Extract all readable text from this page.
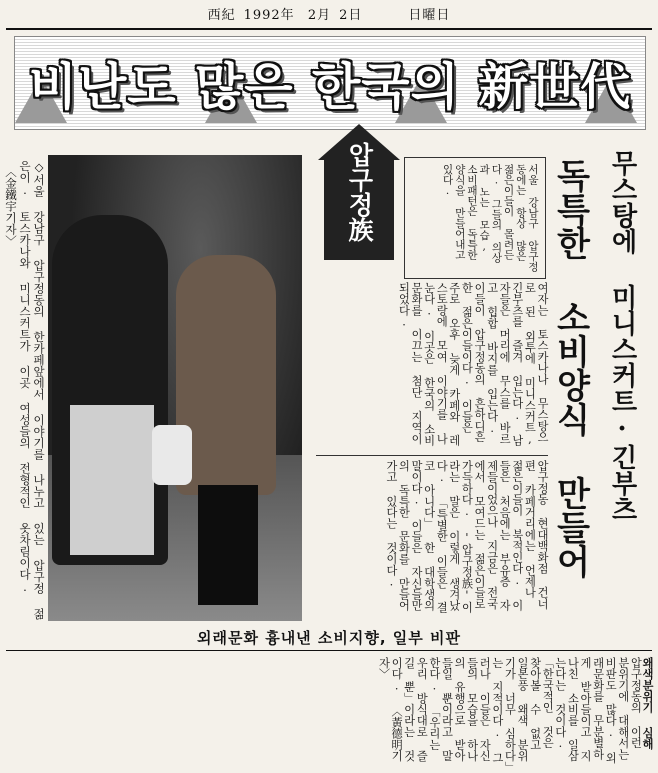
西紀 1992年 2月 2日	日曜日
비난도 많은 한국의 新世代
◇서울 강남구 압구정동의 한카페앞에서 이야기를 나누고 있는 압구정 젊은이. 토스카나와 미니스커트가 이곳 여성들의 전형적인 옷차림이다.〈金鐵宇기자〉	압구정族	서울 강남구 압구정동에는 항상 많은 젊은이들이 몰려든다. 그들의 의상과 노는 모습, 소비패턴은 독특한 양식을 만들어내고 있다.	무스탕에 미니스커트·긴부츠
독특한 소비양식 만들어
여자는 토스카나나 무스탕으로 된 외투에 미니스커트, 긴부츠를 즐겨 입는다. 남자들은 머리에 무스를 바르고 힙합 바지를 입는다. 이들이 압구정동의 흔하디흔한 젊은이들이다. 이들은 주로 오후 늦게 카페와 레스토랑에 모여 이야기를 나눈다. 이곳은 한국의 소비문화를 이끄는 첨단 지역이 되었다.
압구정동 현대백화점 건너편 카페거리에는 언제나 젊은이들이 북적인다. 이들은 처음에는 부유층 자제들이었으나 지금은 전국에서 모여드는 젊은이들로 가득하다. '압구정族'이라는 말은 이렇게 생겨났다. 「특별한 이들은 결코 아니다」 한 대학생의 말이다. 이들은 자신들만의 독특한 문화를 만들어가고 있다는 것이다.
외래문화 흉내낸 소비지향, 일부 비판
왜색분위기 심해 압구정동의 이런 분위기에 대해서는 비판도 많다. 외래문화를 무분별하게 받아들이고 지나친 소비를 일삼는다는 것이다. 「한국적인 것은 찾아볼 수 없고 일본풍 왜색 분위기가 너무 심하다」는 지적이다. 그러나 이들은 자신들의 모습을 하나의 유행으로 받아들일 뿐이라고 말한다. 「우리는 우리 방식대로 즐길 뿐」이라는 것이다. 〈黃德明기자〉
